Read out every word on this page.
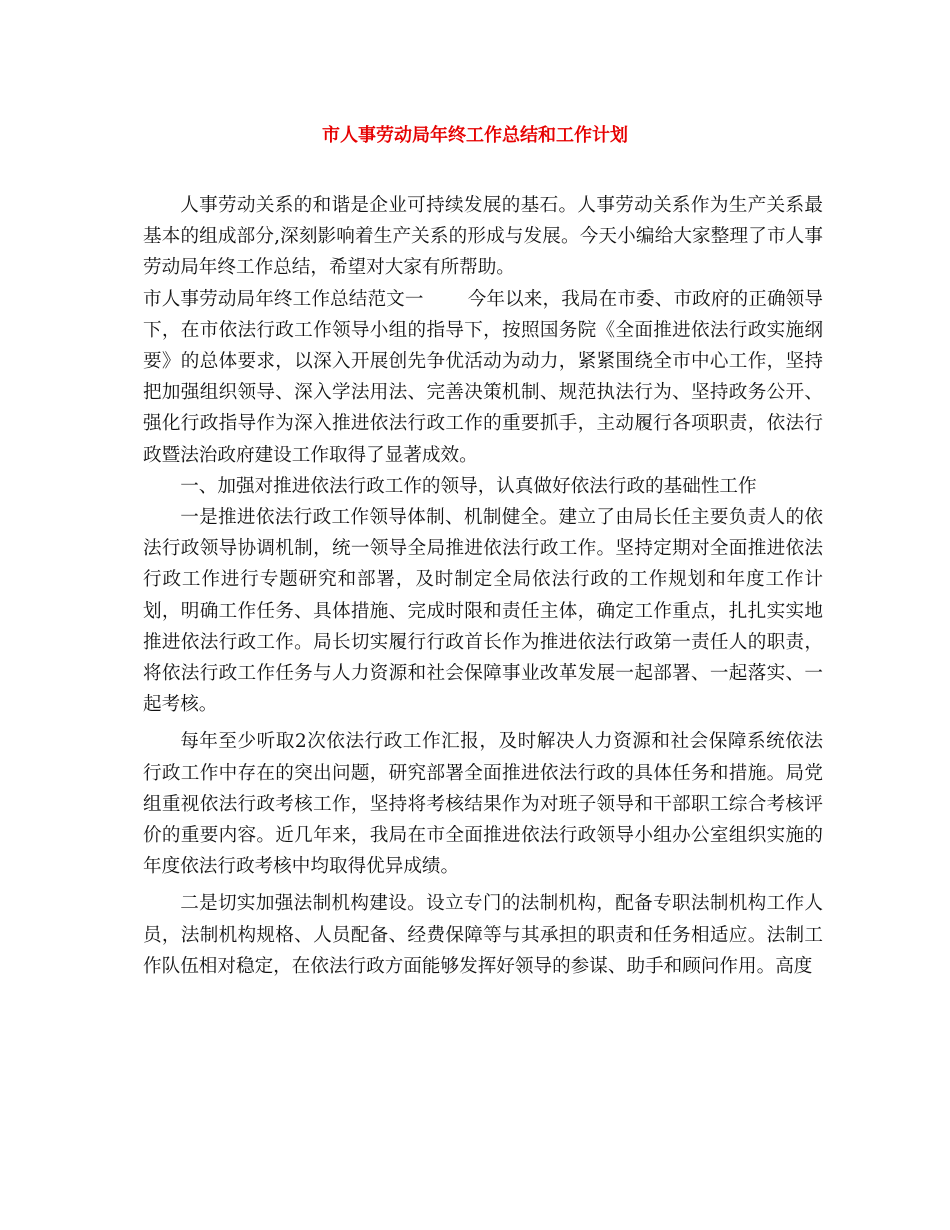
市人事劳动局年终工作总结和工作计划

人事劳动关系的和谐是企业可持续发展的基石。人事劳动关系作为生产关系最基本的组成部分,深刻影响着生产关系的形成与发展。今天小编给大家整理了市人事劳动局年终工作总结，希望对大家有所帮助。

市人事劳动局年终工作总结范文一 今年以来，我局在市委、市政府的正确领导下，在市依法行政工作领导小组的指导下，按照国务院《全面推进依法行政实施纲要》的总体要求，以深入开展创先争优活动为动力，紧紧围绕全市中心工作，坚持把加强组织领导、深入学法用法、完善决策机制、规范执法行为、坚持政务公开、强化行政指导作为深入推进依法行政工作的重要抓手，主动履行各项职责，依法行政暨法治政府建设工作取得了显著成效。

一、加强对推进依法行政工作的领导，认真做好依法行政的基础性工作

一是推进依法行政工作领导体制、机制健全。建立了由局长任主要负责人的依法行政领导协调机制，统一领导全局推进依法行政工作。坚持定期对全面推进依法行政工作进行专题研究和部署，及时制定全局依法行政的工作规划和年度工作计划，明确工作任务、具体措施、完成时限和责任主体，确定工作重点，扎扎实实地推进依法行政工作。局长切实履行行政首长作为推进依法行政第一责任人的职责，将依法行政工作任务与人力资源和社会保障事业改革发展一起部署、一起落实、一起考核。

每年至少听取2次依法行政工作汇报，及时解决人力资源和社会保障系统依法行政工作中存在的突出问题，研究部署全面推进依法行政的具体任务和措施。局党组重视依法行政考核工作，坚持将考核结果作为对班子领导和干部职工综合考核评价的重要内容。近几年来，我局在市全面推进依法行政领导小组办公室组织实施的年度依法行政考核中均取得优异成绩。

二是切实加强法制机构建设。设立专门的法制机构，配备专职法制机构工作人员，法制机构规格、人员配备、经费保障等与其承担的职责和任务相适应。法制工作队伍相对稳定，在依法行政方面能够发挥好领导的参谋、助手和顾问作用。高度
